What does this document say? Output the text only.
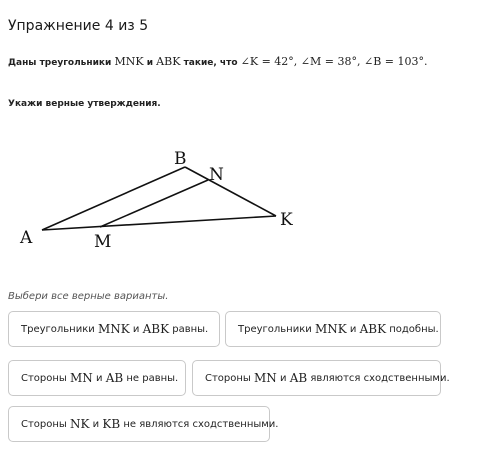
Упражнение 4 из 5
Даны треугольники MNK и ABK такие, что ∠K = 42°, ∠M = 38°, ∠B = 103°.
Укажи верные утверждения.
B
N
K
A	M
Выбери все верные варианты.
Треугольники
MNK
и
ABK
равны.	Треугольники
MNK
и
ABK
подобны.
Стороны
MN
и
AB
не равны.	Стороны
MN
и
AB
являются сходственными.
Стороны
NK
и
KB
не являются сходственными.
